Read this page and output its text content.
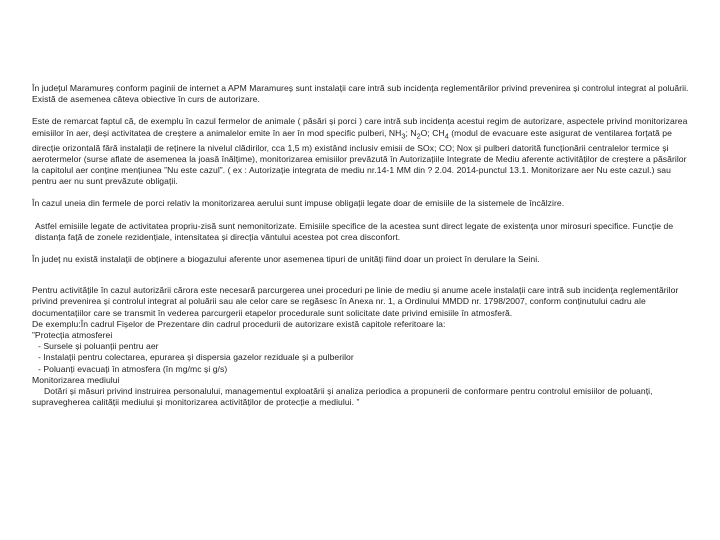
În județul Maramureș conform paginii de internet a APM Maramureș sunt instalații care intră sub incidența reglementărilor privind prevenirea și controlul integrat al poluării. Există de asemenea câteva obiective în curs de autorizare.

Este de remarcat faptul că, de exemplu în cazul fermelor de animale ( păsări și porci ) care intră sub incidența acestui regim de autorizare, aspectele privind monitorizarea emisiilor în aer, deși activitatea de creștere a animalelor emite în aer în mod specific pulberi, $NH_3$; $N_2O$; $CH_4$ (modul de evacuare este asigurat de ventilarea forțată pe direcție orizontală fără instalații de reținere la nivelul clădirilor, cca 1,5 m) existând inclusiv emisii de SOx; CO; Nox și pulberi datorită funcționării centralelor termice și aerotermelor (surse aflate de asemenea la joasă înălțime), monitorizarea emisiilor prevăzută în Autorizațiile Integrate de Mediu aferente activităților de creștere a păsărilor la capitolul aer conține mențiunea ”Nu este cazul”. ( ex : Autorizație integrata de mediu nr.14-1 MM din ? 2.04. 2014-punctul 13.1. Monitorizare aer Nu este cazul.) sau pentru aer nu sunt prevăzute obligații.

În cazul uneia din fermele de porci relativ la monitorizarea aerului sunt impuse obligații legate doar de emisiile de la sistemele de încălzire.

Astfel emisiile legate de activitatea propriu-zisă sunt nemonitorizate. Emisiile specifice de la acestea sunt direct legate de existența unor mirosuri specifice. Funcție de distanța față de zonele rezidențiale, intensitatea și direcția vântului acestea pot crea disconfort.

În județ nu există instalații de obținere a biogazului aferente unor asemenea tipuri de unități fiind doar un proiect în derulare la Seini.

Pentru activitățile în cazul autorizării cărora este necesară parcurgerea unei proceduri pe linie de mediu și anume acele instalații care intră sub incidența reglementărilor privind prevenirea și controlul integrat al poluării sau ale celor care se regăsesc în Anexa nr. 1, a Ordinului MMDD nr. 1798/2007, conform conținutului cadru ale documentațiilor care se transmit în vederea parcurgerii etapelor procedurale sunt solicitate date privind emisiile în atmosferă.

De exemplu:În cadrul Fișelor de Prezentare din cadrul procedurii de autorizare există capitole referitoare la:

”Protecția atmosferei

- Sursele și poluanții pentru aer

- Instalații pentru colectarea, epurarea și dispersia gazelor reziduale și a pulberilor

- Poluanți evacuați în atmosfera (în mg/mc și g/s)

Monitorizarea mediului

Dotări și măsuri privind instruirea personalului, managementul exploatării și analiza periodica a propunerii de conformare pentru controlul emisiilor de poluanți, supravegherea calității mediului și monitorizarea activităților de protecție a mediului. ”
